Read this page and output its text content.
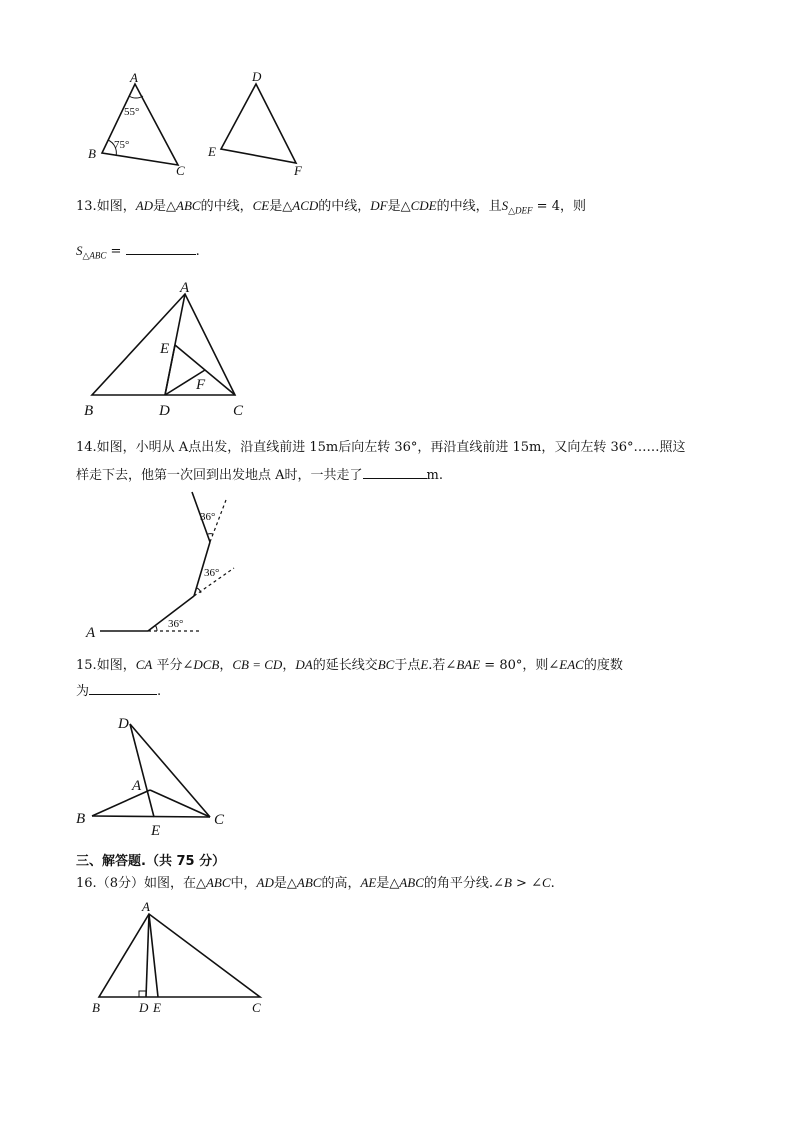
A
B
C
55°
75°
D
E
F
13.如图，AD是△ABC的中线，CE是△ACD的中线，DF是△CDE的中线，且$S_{\triangle DEF} = 4$，则
$S_{\triangle ABC}$ =	.
A
B	C
D
E
F
14.如图，小明从 A点出发，沿直线前进 15m后向左转 36°，再沿直线前进 15m，又向左转 36°……照这
样走下去，他第一次回到出发地点 A时，一共走了	m.
A
36°
36°
36°
15.如图，CA 平分∠DCB，CB = CD，DA的延长线交BC于点E.若∠BAE = 80°，则∠EAC的度数
为	.
D
A
B	C
E
三、解答题.（共 75 分）
16.（8分）如图，在△ABC中，AD是△ABC的高，AE是△ABC的角平分线.∠B > ∠C.
A
B	D E	C
